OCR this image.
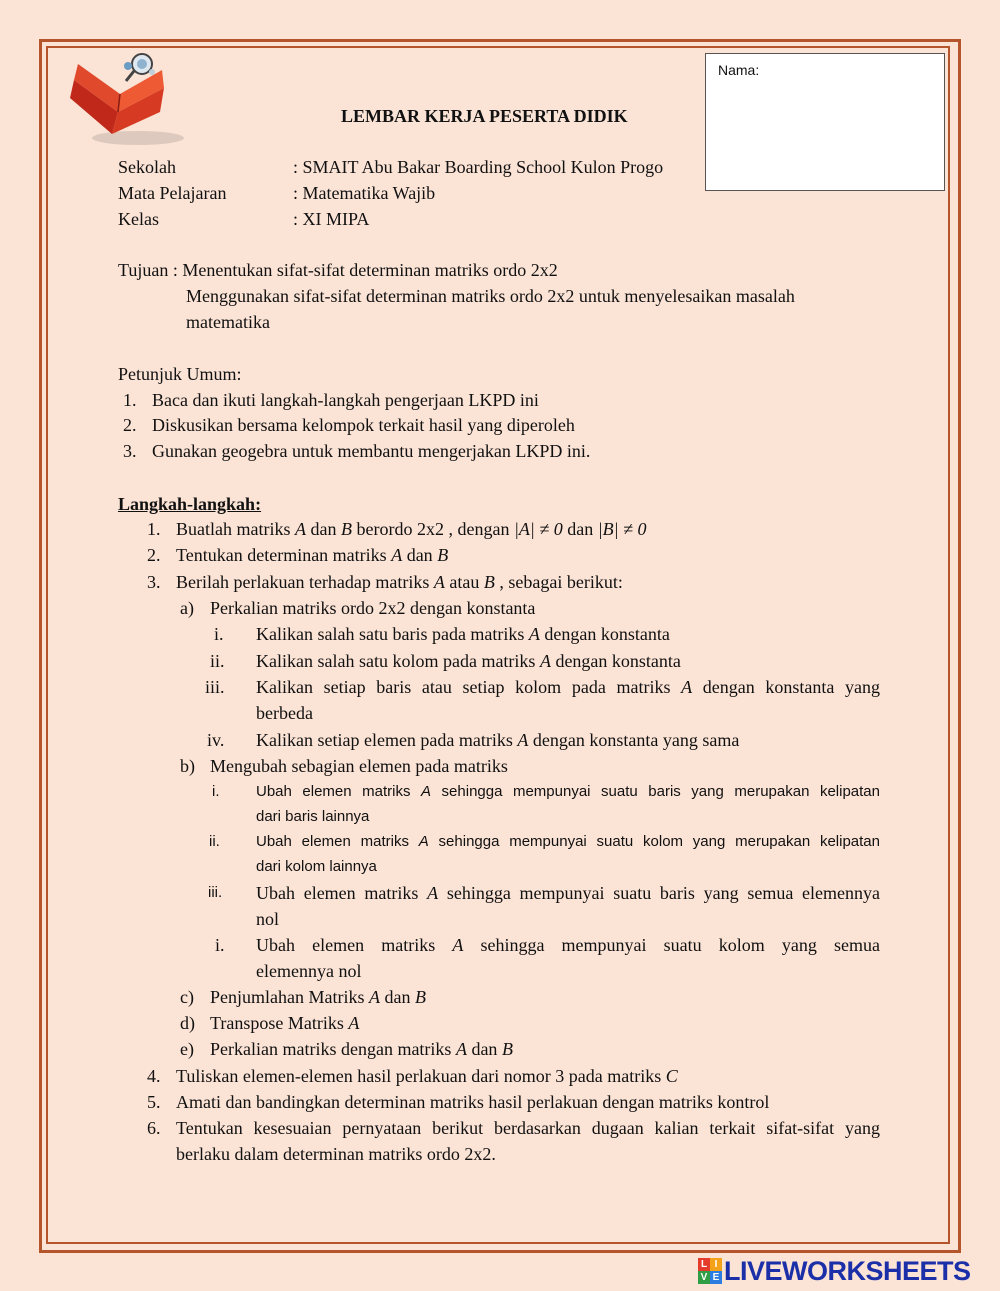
Nama:
LEMBAR KERJA PESERTA DIDIK
Sekolah	: SMAIT Abu Bakar Boarding School Kulon Progo
Mata Pelajaran	: Matematika Wajib
Kelas	: XI MIPA
Tujuan : Menentukan sifat-sifat determinan matriks ordo 2x2
Menggunakan sifat-sifat determinan matriks ordo 2x2 untuk menyelesaikan masalah
matematika
Petunjuk Umum:
1. Baca dan ikuti langkah-langkah pengerjaan LKPD ini
2. Diskusikan bersama kelompok terkait hasil yang diperoleh
3. Gunakan geogebra untuk membantu mengerjakan LKPD ini.
Langkah-langkah:
1. Buatlah matriks A dan B berordo 2x2 , dengan |A| ≠ 0 dan |B| ≠ 0
2. Tentukan determinan matriks A dan B
3. Berilah perlakuan terhadap matriks A atau B , sebagai berikut:
a) Perkalian matriks ordo 2x2 dengan konstanta
i. Kalikan salah satu baris pada matriks A dengan konstanta
ii. Kalikan salah satu kolom pada matriks A dengan konstanta
iii. Kalikan setiap baris atau setiap kolom pada matriks A dengan konstanta yang
berbeda
iv. Kalikan setiap elemen pada matriks A dengan konstanta yang sama
b) Mengubah sebagian elemen pada matriks
i. Ubah elemen matriks A sehingga mempunyai suatu baris yang merupakan kelipatan
dari baris lainnya
ii. Ubah elemen matriks A sehingga mempunyai suatu kolom yang merupakan kelipatan
dari kolom lainnya
iii. Ubah elemen matriks A sehingga mempunyai suatu baris yang semua elemennya
nol
i. Ubah elemen matriks A sehingga mempunyai suatu kolom yang semua
elemennya nol
c) Penjumlahan Matriks A dan B
d) Transpose Matriks A
e) Perkalian matriks dengan matriks A dan B
4. Tuliskan elemen-elemen hasil perlakuan dari nomor 3 pada matriks C
5. Amati dan bandingkan determinan matriks hasil perlakuan dengan matriks kontrol
6. Tentukan kesesuaian pernyataan berikut berdasarkan dugaan kalian terkait sifat-sifat yang
berlaku dalam determinan matriks ordo 2x2.
L I
V E LIVEWORKSHEETS
